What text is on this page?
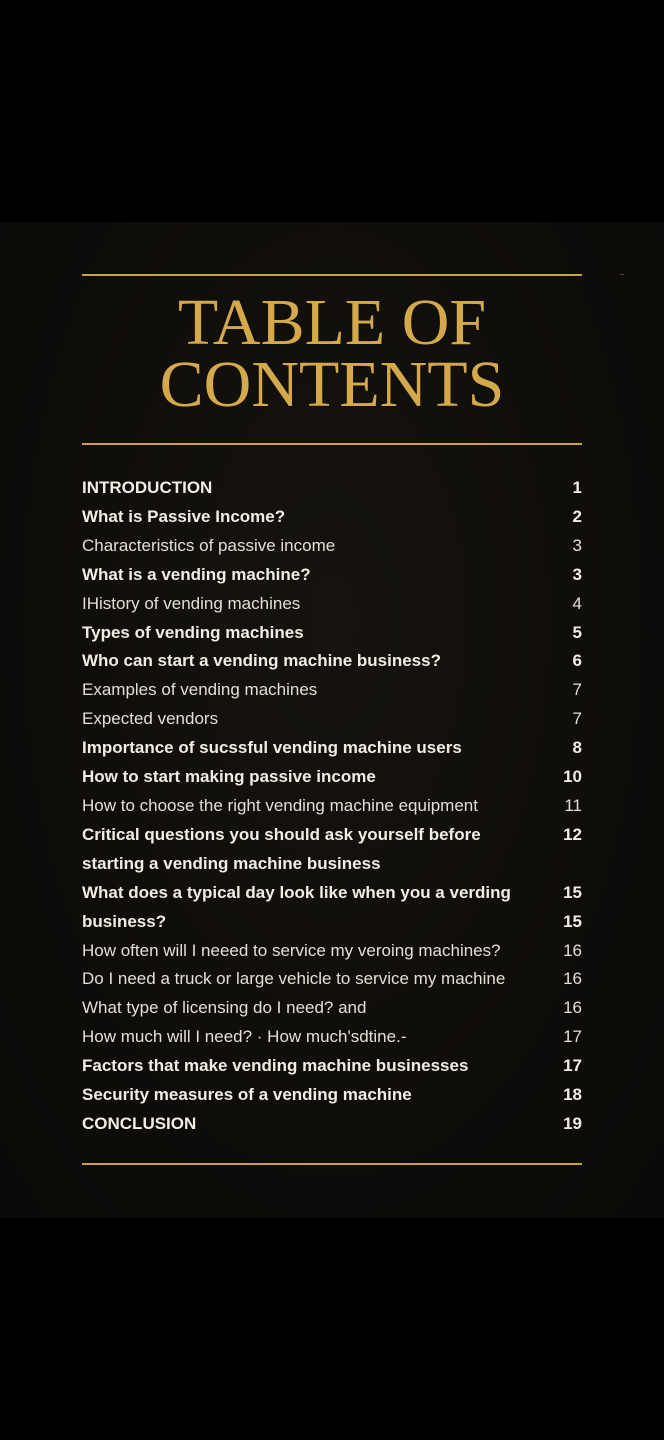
TABLE OF
CONTENTS
INTRODUCTION	1
What is Passive Income?	2
Characteristics of passive income	3
What is a vending machine?	3
IHistory of vending machines	4
Types of vending machines	5
Who can start a vending machine business?	6
Examples of vending machines	7
Expected vendors	7
Importance of sucssful vending machine users	8
How to start making passive income	10
How to choose the right vending machine equipment	11
Critical questions you should ask yourself before	12
starting a vending machine business
What does a typical day look like when you a verding	15
business?	15
How often will I neeed to service my veroing machines?	16
Do I need a truck or large vehicle to service my machine	16
What type of licensing do I need? and	16
How much will I need? · How much'sdtine.-	17
Factors that make vending machine businesses	17
Security measures of a vending machine	18
CONCLUSION	19
